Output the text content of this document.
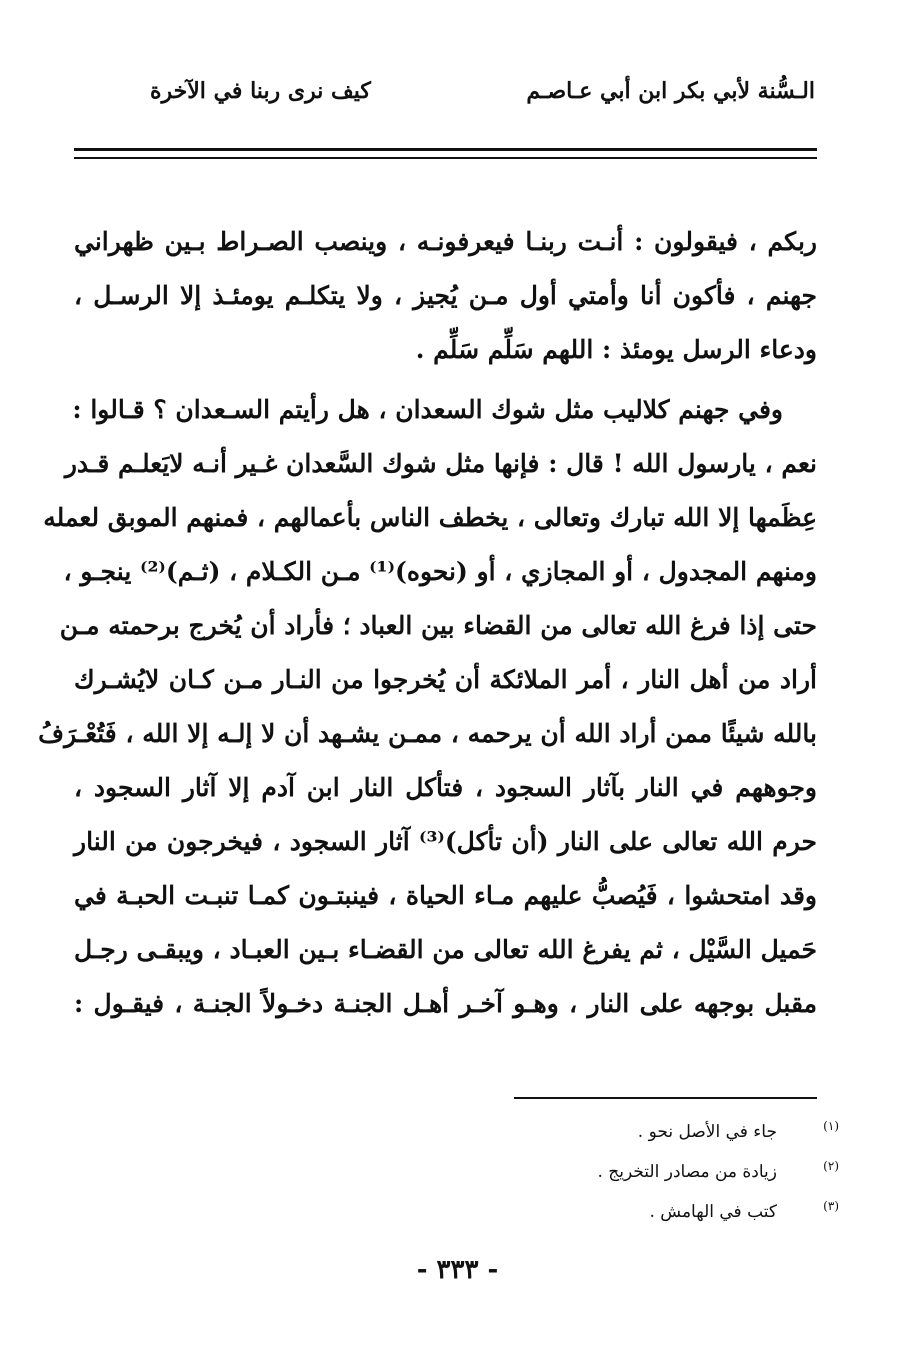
الـسُّنة لأبي بكر ابن أبي عـاصـم
كيف نرى ربنا في الآخرة
ربكم ، فيقولون : أنـت ربنـا فيعرفونـه ، وينصب الصـراط بـين ظهراني
جهنم ، فأكون أنا وأمتي أول مـن يُجيز ، ولا يتكلـم يومئـذ إلا الرسـل ،
ودعاء الرسل يومئذ : اللهم سَلِّم سَلِّم .
وفي جهنم كلاليب مثل شوك السعدان ، هل رأيتم السـعدان ؟ قـالوا :
نعم ، يارسول الله ! قال : فإنها مثل شوك السَّعدان غـير أنـه لايَعلـم قـدر
عِظَمها إلا الله تبارك وتعالى ، يخطف الناس بأعمالهم ، فمنهم الموبق لعمله
ومنهم المجدول ، أو المجازي ، أو (نحوه)⁽¹⁾ مـن الكـلام ، (ثـم)⁽²⁾ ينجـو ،
حتى إذا فرغ الله تعالى من القضاء بين العباد ؛ فأراد أن يُخرج برحمته مـن
أراد من أهل النار ، أمر الملائكة أن يُخرجوا من النـار مـن كـان لايُشـرك
بالله شيئًا ممن أراد الله أن يرحمه ، ممـن يشـهد أن لا إلـه إلا الله ، فَتُعْـرَفُ
وجوههم في النار بآثار السجود ، فتأكل النار ابن آدم إلا آثار السجود ،
حرم الله تعالى على النار (أن تأكل)⁽³⁾ آثار السجود ، فيخرجون من النار
وقد امتحشوا ، فَيُصبُّ عليهم مـاء الحياة ، فينبتـون كمـا تنبـت الحبـة في
حَميل السَّيْل ، ثم يفرغ الله تعالى من القضـاء بـين العبـاد ، ويبقـى رجـل
مقبل بوجهه على النار ، وهـو آخـر أهـل الجنـة دخـولاً الجنـة ، فيقـول :
(١)
جاء في الأصل نحو .
(٢)
زيادة من مصادر التخريج .
(٣)
كتب في الهامش .
- ٣٣٣ -
